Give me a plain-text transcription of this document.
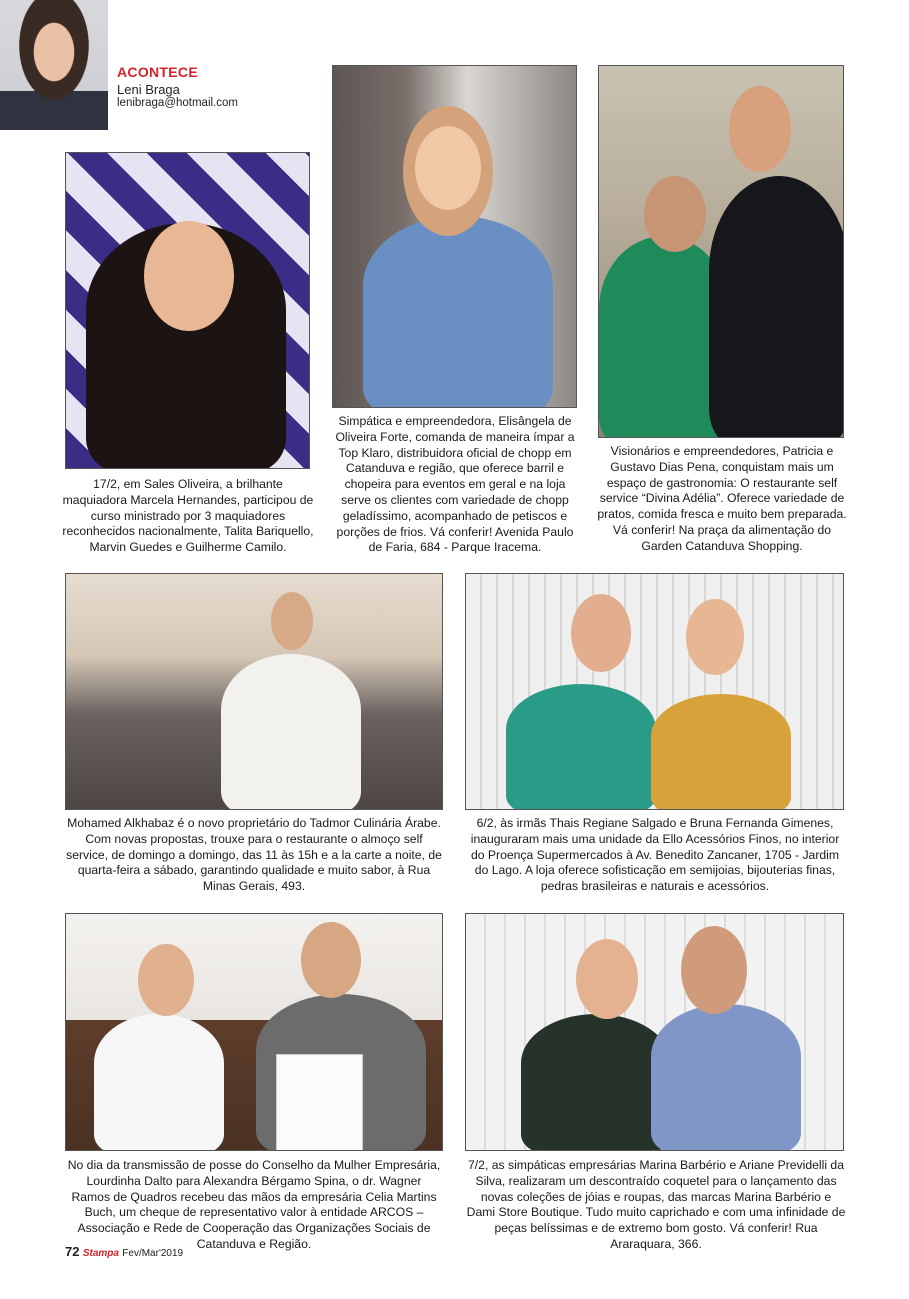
ACONTECE
Leni Braga
lenibraga@hotmail.com

17/2, em Sales Oliveira, a brilhante maquiadora Marcela Hernandes, participou de curso ministrado por 3 maquiadores reconhecidos nacionalmente, Talita Bariquello, Marvin Guedes e Guilherme Camilo.

Simpática e empreendedora, Elisângela de Oliveira Forte, comanda de maneira ímpar a Top Klaro, distribuidora oficial de chopp em Catanduva e região, que oferece barril e chopeira para eventos em geral e na loja serve os clientes com variedade de chopp geladíssimo, acompanhado de petiscos e porções de frios. Vá conferir! Avenida Paulo de Faria, 684 - Parque Iracema.

Visionários e empreendedores, Patricia e Gustavo Dias Pena, conquistam mais um espaço de gastronomia: O restaurante self service “Divina Adélia”. Oferece variedade de pratos, comida fresca e muito bem preparada. Vá conferir! Na praça da alimentação do Garden Catanduva Shopping.

Mohamed Alkhabaz é o novo proprietário do Tadmor Culinária Árabe. Com novas propostas, trouxe para o restaurante o almoço self service, de domingo a domingo, das 11 às 15h e a la carte a noite, de quarta-feira a sábado, garantindo qualidade e muito sabor, à Rua Minas Gerais, 493.

6/2, às irmãs Thais Regiane Salgado e Bruna Fernanda Gimenes, inauguraram mais uma unidade da Ello Acessórios Finos, no interior do Proença Supermercados à Av. Benedito Zancaner, 1705 - Jardim do Lago. A loja oferece sofisticação em semijoias, bijouterias finas, pedras brasileiras e naturais e acessórios.

No dia da transmissão de posse do Conselho da Mulher Empresária, Lourdinha Dalto para Alexandra Bérgamo Spina, o dr. Wagner Ramos de Quadros recebeu das mãos da empresária Celia Martins Buch, um cheque de representativo valor à entidade ARCOS – Associação e Rede de Cooperação das Organizações Sociais de Catanduva e Região.

7/2, as simpáticas empresárias Marina Barbério e Ariane Previdelli da Silva, realizaram um descontraído coquetel para o lançamento das novas coleções de jóias e roupas, das marcas Marina Barbério e Dami Store Boutique. Tudo muito caprichado e com uma infinidade de peças belíssimas e de extremo bom gosto. Vá conferir! Rua Araraquara, 366.

72 Stampa Fev/Mar'2019
